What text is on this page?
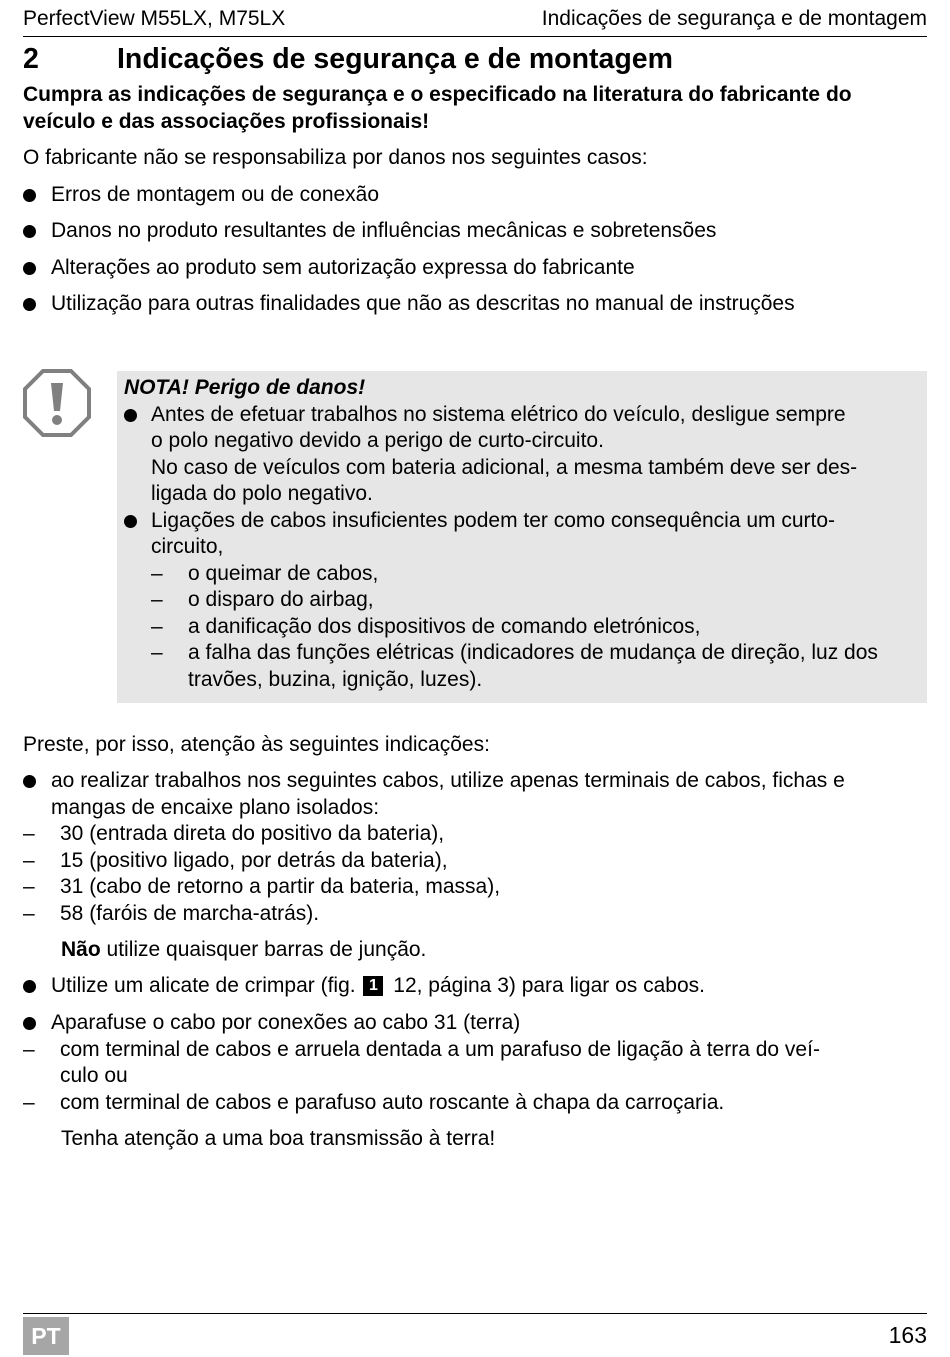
PerfectView M55LX, M75LX	Indicações de segurança e de montagem
2	Indicações de segurança e de montagem
Cumpra as indicações de segurança e o especificado na literatura do fabricante do veículo e das associações profissionais!
O fabricante não se responsabiliza por danos nos seguintes casos:
Erros de montagem ou de conexão
Danos no produto resultantes de influências mecânicas e sobretensões
Alterações ao produto sem autorização expressa do fabricante
Utilização para outras finalidades que não as descritas no manual de instruções
NOTA! Perigo de danos!
Antes de efetuar trabalhos no sistema elétrico do veículo, desligue sempre
o polo negativo devido a perigo de curto-circuito.
No caso de veículos com bateria adicional, a mesma também deve ser des-
ligada do polo negativo.
Ligações de cabos insuficientes podem ter como consequência um curto-
circuito,
– o queimar de cabos,
– o disparo do airbag,
– a danificação dos dispositivos de comando eletrónicos,
– a falha das funções elétricas (indicadores de mudança de direção, luz dos travões, buzina, ignição, luzes).
Preste, por isso, atenção às seguintes indicações:
ao realizar trabalhos nos seguintes cabos, utilize apenas terminais de cabos, fichas e
mangas de encaixe plano isolados:
– 30 (entrada direta do positivo da bateria),
– 15 (positivo ligado, por detrás da bateria),
– 31 (cabo de retorno a partir da bateria, massa),
– 58 (faróis de marcha-atrás).
Não utilize quaisquer barras de junção.
Utilize um alicate de crimpar (fig. 1 12, página 3) para ligar os cabos.
Aparafuse o cabo por conexões ao cabo 31 (terra)
– com terminal de cabos e arruela dentada a um parafuso de ligação à terra do veí-
culo ou
– com terminal de cabos e parafuso auto roscante à chapa da carroçaria.
Tenha atenção a uma boa transmissão à terra!
PT	163
